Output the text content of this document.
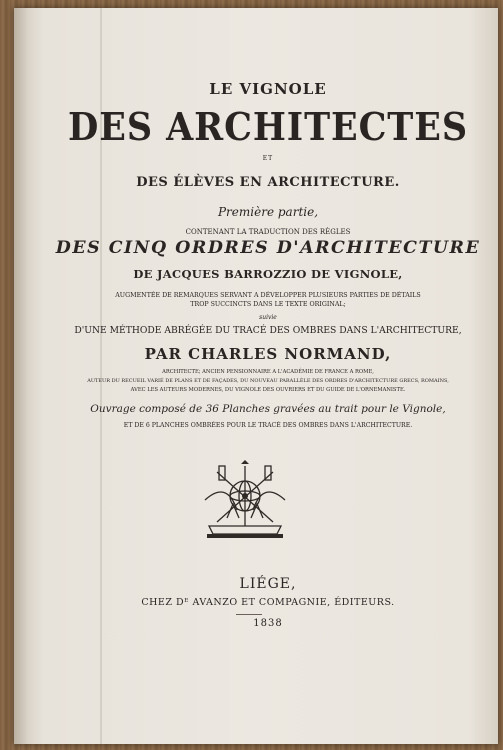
LE VIGNOLE
DES ARCHITECTES
ET
DES ÉLÈVES EN ARCHITECTURE.
Première partie,
CONTENANT LA TRADUCTION DES RÈGLES
DES CINQ ORDRES D'ARCHITECTURE
DE JACQUES BARROZZIO DE VIGNOLE,
AUGMENTÉE DE REMARQUES SERVANT A DÉVELOPPER PLUSIEURS PARTIES DE DÉTAILS
TROP SUCCINCTS DANS LE TEXTE ORIGINAL;
suivie
D'UNE MÉTHODE ABRÉGÉE DU TRACÉ DES OMBRES DANS L'ARCHITECTURE,
PAR CHARLES NORMAND,
ARCHITECTE; ANCIEN PENSIONNAIRE A L'ACADÉMIE DE FRANCE A ROME,
AUTEUR DU RECUEIL VARIÉ DE PLANS ET DE FAÇADES, DU NOUVEAU PARALLÈLE DES ORDRES D'ARCHITECTURE GRECS, ROMAINS,
AVEC LES AUTEURS MODERNES, DU VIGNOLE DES OUVRIERS ET DU GUIDE DE L'ORNEMANISTE.
Ouvrage composé de 36 Planches gravées au trait pour le Vignole,
ET DE 6 PLANCHES OMBRÉES POUR LE TRACÉ DES OMBRES DANS L'ARCHITECTURE.
LIÉGE,
CHEZ Dᴱ AVANZO ET COMPAGNIE, ÉDITEURS.
1838
